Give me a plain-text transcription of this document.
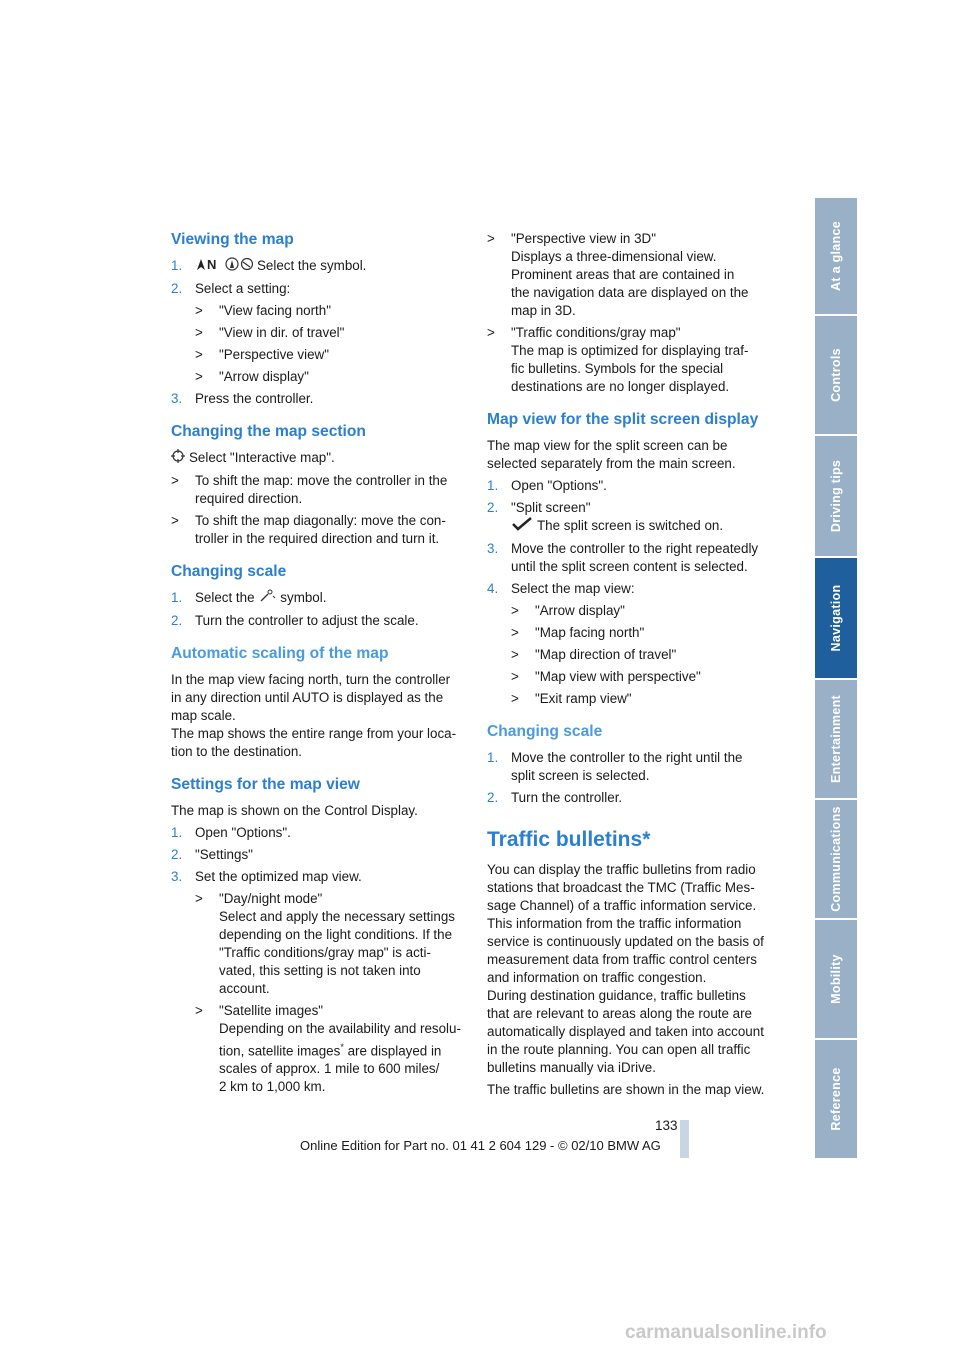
Viewing the map
1. N	Select the symbol.
2. Select a setting:
> "View facing north"
> "View in dir. of travel"
> "Perspective view"
> "Arrow display"
3. Press the controller.
Changing the map section

Select "Interactive map".

> To shift the map: move the controller in the
required direction.
> To shift the map diagonally: move the con-
troller in the required direction and turn it.
Changing scale
1. Select the symbol.
2. Turn the controller to adjust the scale.
Automatic scaling of the map
In the map view facing north, turn the controller
in any direction until AUTO is displayed as the
map scale.
The map shows the entire range from your loca-
tion to the destination.
Settings for the map view

The map is shown on the Control Display.

1. Open "Options".
2. "Settings"
3. Set the optimized map view.
> "Day/night mode"
Select and apply the necessary settings
depending on the light conditions. If the
"Traffic conditions/gray map" is acti-
vated, this setting is not taken into
account.
> "Satellite images"
Depending on the availability and resolu-
tion, satellite images* are displayed in
scales of approx. 1 mile to 600 miles/
2 km to 1,000 km.
> "Perspective view in 3D"
Displays a three-dimensional view.
Prominent areas that are contained in
the navigation data are displayed on the
map in 3D.
> "Traffic conditions/gray map"
The map is optimized for displaying traf-
fic bulletins. Symbols for the special
destinations are no longer displayed.
Map view for the split screen display
The map view for the split screen can be
selected separately from the main screen.
1. Open "Options".
2. "Split screen"
The split screen is switched on.
3. Move the controller to the right repeatedly
until the split screen content is selected.
4. Select the map view:
> "Arrow display"
> "Map facing north"
> "Map direction of travel"
> "Map view with perspective"
> "Exit ramp view"
Changing scale
1. Move the controller to the right until the
split screen is selected.
2. Turn the controller.
Traffic bulletins*
You can display the traffic bulletins from radio
stations that broadcast the TMC (Traffic Mes-
sage Channel) of a traffic information service.
This information from the traffic information
service is continuously updated on the basis of
measurement data from traffic control centers
and information on traffic congestion.
During destination guidance, traffic bulletins
that are relevant to areas along the route are
automatically displayed and taken into account
in the route planning. You can open all traffic
bulletins manually via iDrive.
The traffic bulletins are shown in the map view.
At a glance
Controls
Driving tips
Navigation
Entertainment
Communications
Mobility
Reference
133
Online Edition for Part no. 01 41 2 604 129 - © 02/10 BMW AG
carmanualsonline.info
